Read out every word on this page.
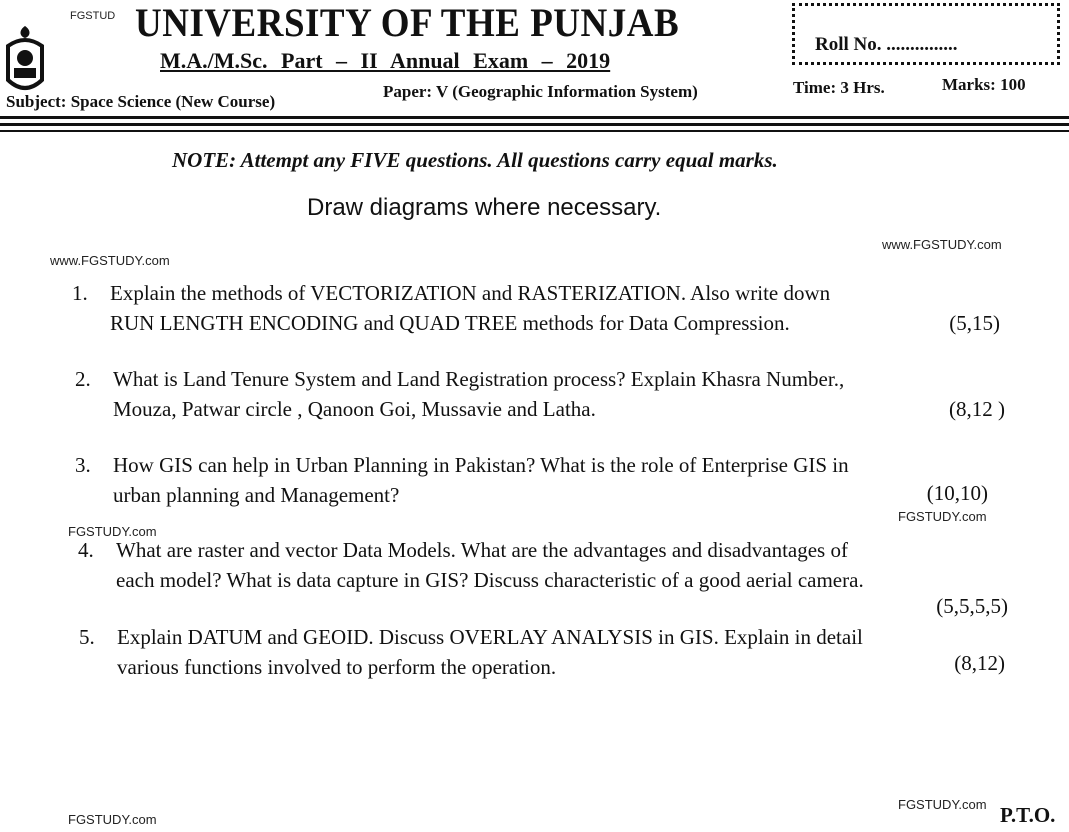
FGSTUD UNIVERSITY OF THE PUNJAB	Roll No. ...............
M.A./M.Sc. Part – II Annual Exam – 2019
Subject: Space Science (New Course)
Paper: V (Geographic Information System)	Time: 3 Hrs.	Marks: 100
NOTE: Attempt any FIVE questions. All questions carry equal marks.
Draw diagrams where necessary.
www.FGSTUDY.com
www.FGSTUDY.com
FGSTUDY.com
FGSTUDY.com
FGSTUDY.com
FGSTUDY.com
1. Explain the methods of VECTORIZATION and RASTERIZATION. Also write down
RUN LENGTH ENCODING and QUAD TREE methods for Data Compression.	(5,15)
2. What is Land Tenure System and Land Registration process? Explain Khasra Number.,
Mouza, Patwar circle , Qanoon Goi, Mussavie and Latha.	(8,12 )
3. How GIS can help in Urban Planning in Pakistan? What is the role of Enterprise GIS in
urban planning and Management?	(10,10)
4. What are raster and vector Data Models. What are the advantages and disadvantages of
each model? What is data capture in GIS? Discuss characteristic of a good aerial camera.
(5,5,5,5)
5. Explain DATUM and GEOID. Discuss OVERLAY ANALYSIS in GIS. Explain in detail
various functions involved to perform the operation.	(8,12)
P.T.O.
